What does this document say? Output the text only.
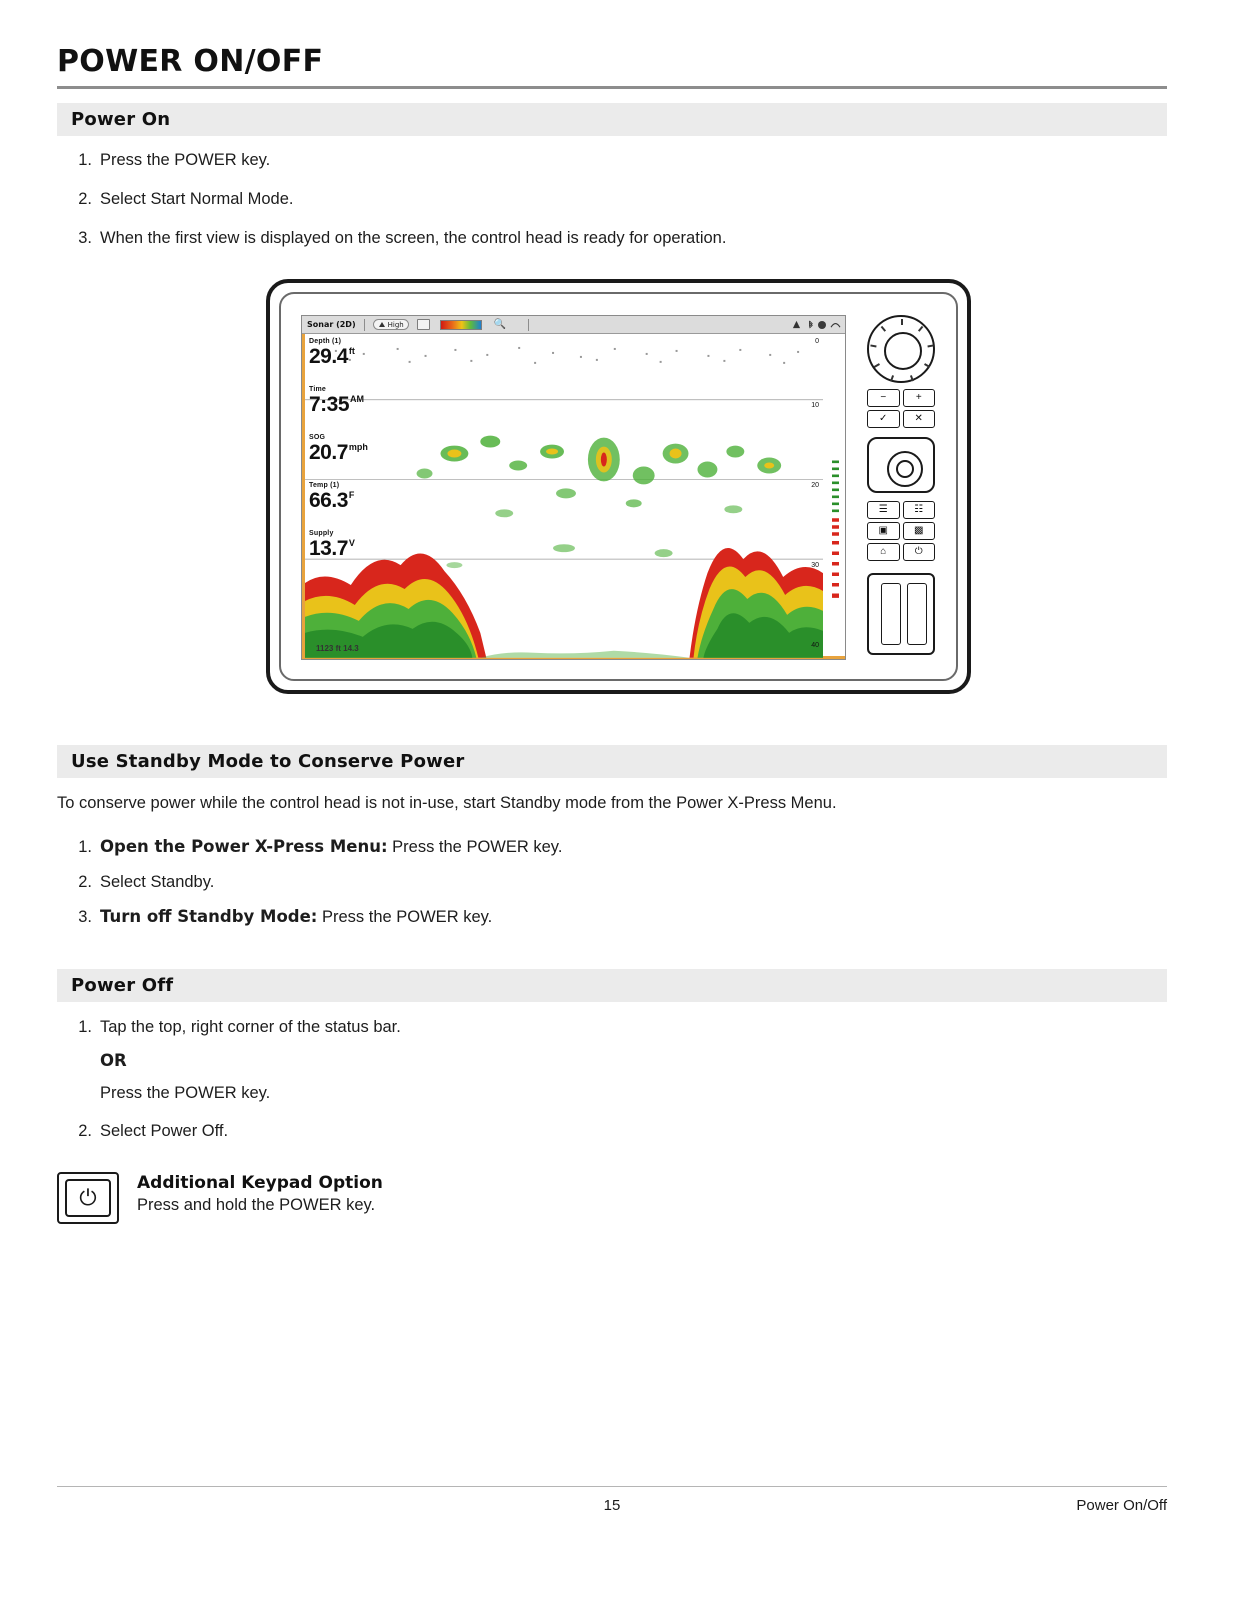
POWER ON/OFF
Power On
1. Press the POWER key.
2. Select Start Normal Mode.
3. When the first view is displayed on the screen, the control head is ready for operation.
Sonar (2D)	High	🔍
Depth (1)
$29.4^{ft}$
Time
$7:35^{AM}$
SOG
$20.7^{mph}$
Temp (1)
$66.3^F$
Supply
$13.7^V$
0
10
20
30
40
1123 ft 14.3
−	+
✓	✕
☰	☷
▣	▩
⌂	⏻
Use Standby Mode to Conserve Power
To conserve power while the control head is not in-use, start Standby mode from the Power X-Press Menu.
1. Open the Power X-Press Menu: Press the POWER key.
2. Select Standby.
3. Turn off Standby Mode: Press the POWER key.
Power Off
1. Tap the top, right corner of the status bar.
OR
Press the POWER key.
2. Select Power Off.
⏻
Additional Keypad Option
Press and hold the POWER key.
15	Power On/Off
